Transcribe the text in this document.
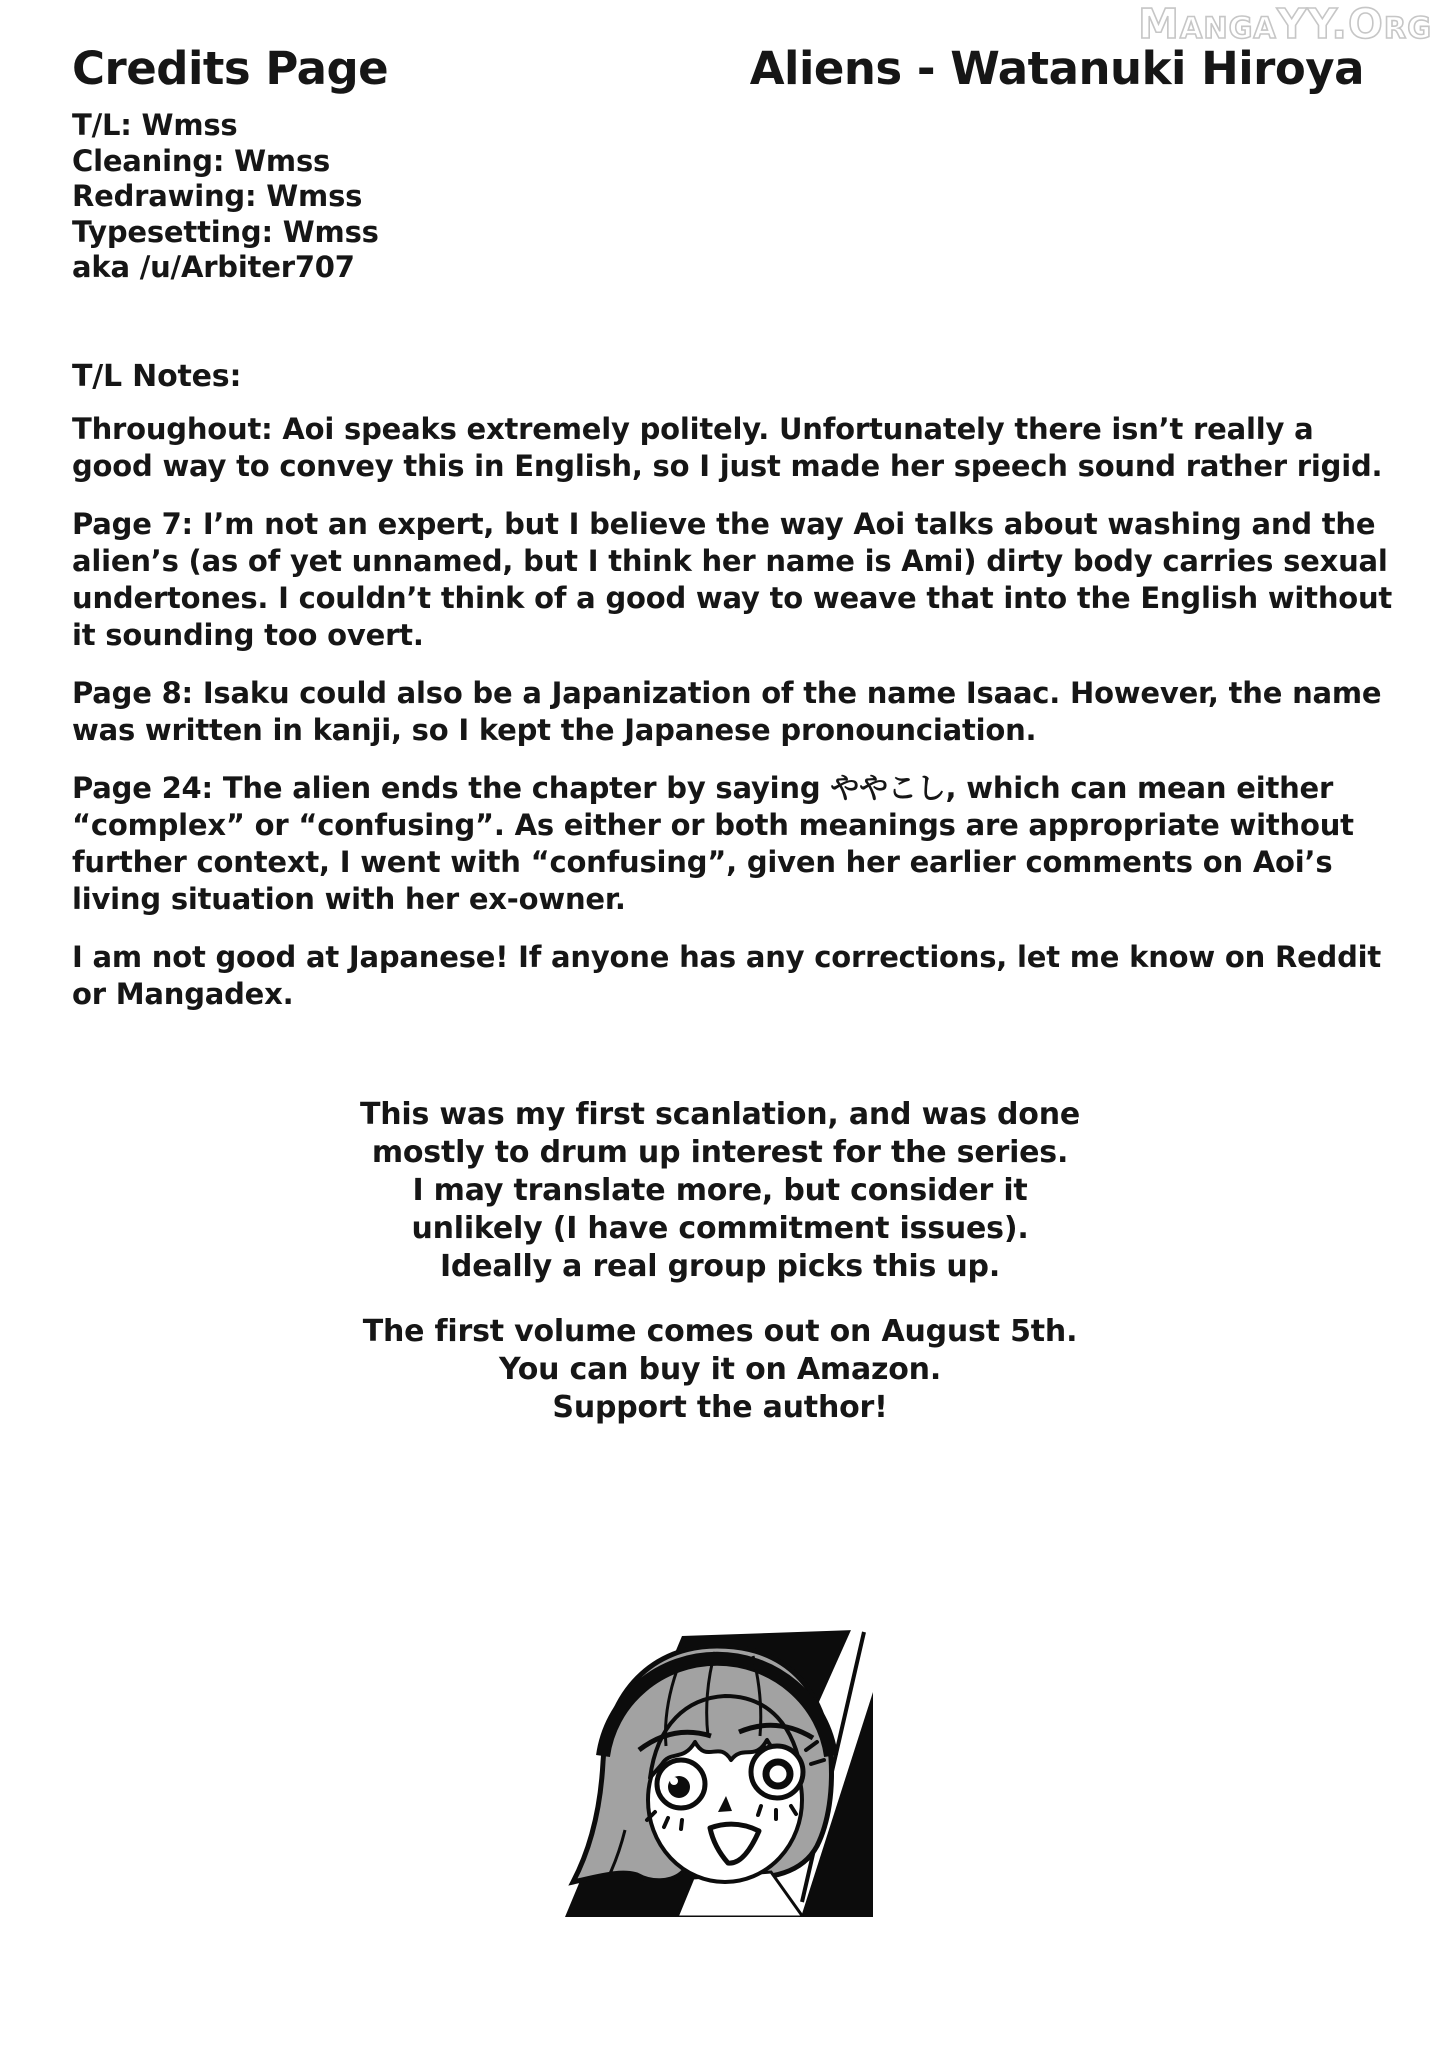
MangaYY.Org
Credits Page	Aliens - Watanuki Hiroya
T/L: Wmss
Cleaning: Wmss
Redrawing: Wmss
Typesetting: Wmss
aka /u/Arbiter707

T/L Notes:

Throughout: Aoi speaks extremely politely. Unfortunately there isn’t really a good way to convey this in English, so I just made her speech sound rather rigid.

Page 7: I’m not an expert, but I believe the way Aoi talks about washing and the alien’s (as of yet unnamed, but I think her name is Ami) dirty body carries sexual undertones. I couldn’t think of a good way to weave that into the English without it sounding too overt.

Page 8: Isaku could also be a Japanization of the name Isaac. However, the name was written in kanji, so I kept the Japanese pronounciation.

Page 24: The alien ends the chapter by saying ややこし, which can mean either “complex” or “confusing”. As either or both meanings are appropriate without further context, I went with “confusing”, given her earlier comments on Aoi’s living situation with her ex-owner.

I am not good at Japanese! If anyone has any corrections, let me know on Reddit or Mangadex.

This was my first scanlation, and was done
mostly to drum up interest for the series.
I may translate more, but consider it
unlikely (I have commitment issues).
Ideally a real group picks this up.
The first volume comes out on August 5th.
You can buy it on Amazon.
Support the author!
